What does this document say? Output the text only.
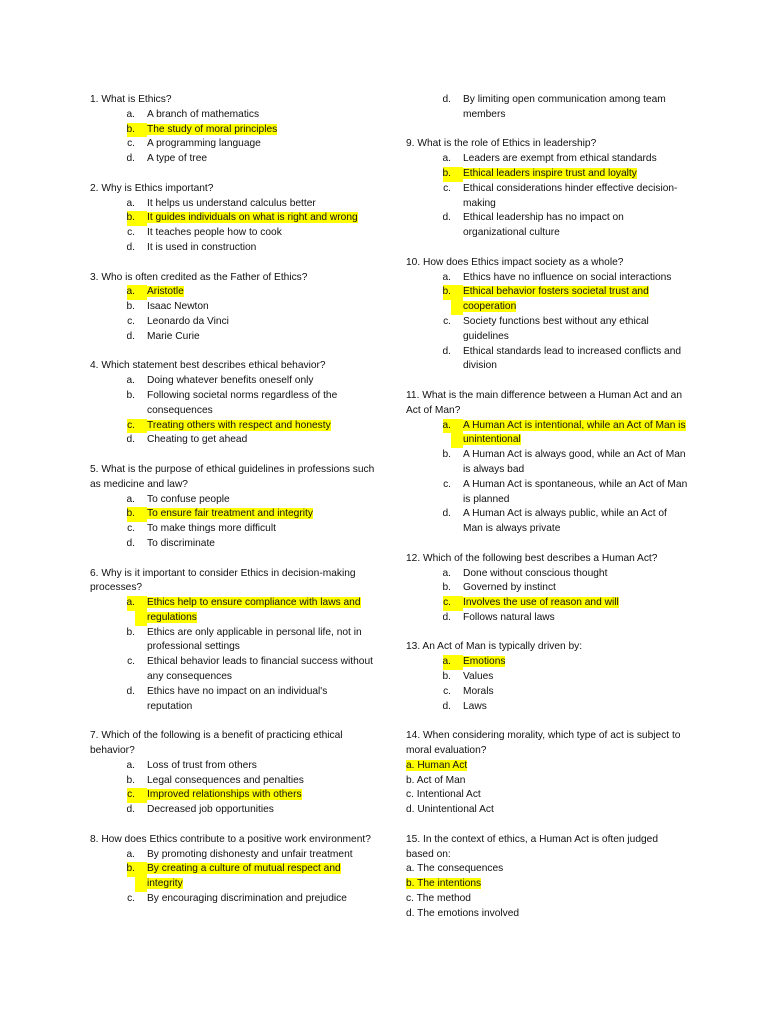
1. What is Ethics?
a. A branch of mathematics
b. The study of moral principles
c. A programming language
d. A type of tree
2. Why is Ethics important?
a. It helps us understand calculus better
b. It guides individuals on what is right and wrong
c. It teaches people how to cook
d. It is used in construction
3. Who is often credited as the Father of Ethics?
a. Aristotle
b. Isaac Newton
c. Leonardo da Vinci
d. Marie Curie
4. Which statement best describes ethical behavior?
a. Doing whatever benefits oneself only
b. Following societal norms regardless of the consequences
c. Treating others with respect and honesty
d. Cheating to get ahead
5. What is the purpose of ethical guidelines in professions such as medicine and law?
a. To confuse people
b. To ensure fair treatment and integrity
c. To make things more difficult
d. To discriminate
6. Why is it important to consider Ethics in decision-making processes?
a. Ethics help to ensure compliance with laws and regulations
b. Ethics are only applicable in personal life, not in professional settings
c. Ethical behavior leads to financial success without any consequences
d. Ethics have no impact on an individual's reputation
7. Which of the following is a benefit of practicing ethical behavior?
a. Loss of trust from others
b. Legal consequences and penalties
c. Improved relationships with others
d. Decreased job opportunities
8. How does Ethics contribute to a positive work environment?
a. By promoting dishonesty and unfair treatment
b. By creating a culture of mutual respect and integrity
c. By encouraging discrimination and prejudice
d. By limiting open communication among team members
9. What is the role of Ethics in leadership?
a. Leaders are exempt from ethical standards
b. Ethical leaders inspire trust and loyalty
c. Ethical considerations hinder effective decision-making
d. Ethical leadership has no impact on organizational culture
10. How does Ethics impact society as a whole?
a. Ethics have no influence on social interactions
b. Ethical behavior fosters societal trust and cooperation
c. Society functions best without any ethical guidelines
d. Ethical standards lead to increased conflicts and division
11. What is the main difference between a Human Act and an Act of Man?
a. A Human Act is intentional, while an Act of Man is unintentional
b. A Human Act is always good, while an Act of Man is always bad
c. A Human Act is spontaneous, while an Act of Man is planned
d. A Human Act is always public, while an Act of Man is always private
12. Which of the following best describes a Human Act?
a. Done without conscious thought
b. Governed by instinct
c. Involves the use of reason and will
d. Follows natural laws
13. An Act of Man is typically driven by:
a. Emotions
b. Values
c. Morals
d. Laws
14. When considering morality, which type of act is subject to moral evaluation?
a. Human Act
b. Act of Man
c. Intentional Act
d. Unintentional Act
15. In the context of ethics, a Human Act is often judged based on:
a. The consequences
b. The intentions
c. The method
d. The emotions involved
